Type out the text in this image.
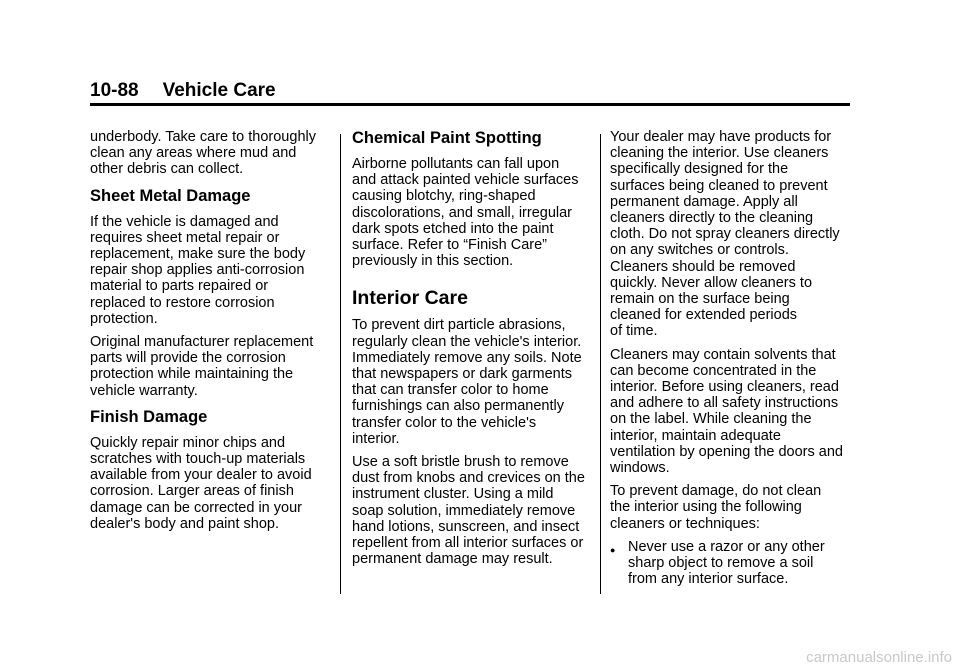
10-88 Vehicle Care

underbody. Take care to thoroughly
clean any areas where mud and
other debris can collect.

Sheet Metal Damage

If the vehicle is damaged and
requires sheet metal repair or
replacement, make sure the body
repair shop applies anti-corrosion
material to parts repaired or
replaced to restore corrosion
protection.

Original manufacturer replacement
parts will provide the corrosion
protection while maintaining the
vehicle warranty.

Finish Damage

Quickly repair minor chips and
scratches with touch-up materials
available from your dealer to avoid
corrosion. Larger areas of finish
damage can be corrected in your
dealer's body and paint shop.

Chemical Paint Spotting

Airborne pollutants can fall upon
and attack painted vehicle surfaces
causing blotchy, ring-shaped
discolorations, and small, irregular
dark spots etched into the paint
surface. Refer to “Finish Care”
previously in this section.

Interior Care

To prevent dirt particle abrasions,
regularly clean the vehicle's interior.
Immediately remove any soils. Note
that newspapers or dark garments
that can transfer color to home
furnishings can also permanently
transfer color to the vehicle's
interior.

Use a soft bristle brush to remove
dust from knobs and crevices on the
instrument cluster. Using a mild
soap solution, immediately remove
hand lotions, sunscreen, and insect
repellent from all interior surfaces or
permanent damage may result.

Your dealer may have products for
cleaning the interior. Use cleaners
specifically designed for the
surfaces being cleaned to prevent
permanent damage. Apply all
cleaners directly to the cleaning
cloth. Do not spray cleaners directly
on any switches or controls.
Cleaners should be removed
quickly. Never allow cleaners to
remain on the surface being
cleaned for extended periods
of time.

Cleaners may contain solvents that
can become concentrated in the
interior. Before using cleaners, read
and adhere to all safety instructions
on the label. While cleaning the
interior, maintain adequate
ventilation by opening the doors and
windows.

To prevent damage, do not clean
the interior using the following
cleaners or techniques:

● Never use a razor or any other
sharp object to remove a soil
from any interior surface.
carmanualsonline.info
